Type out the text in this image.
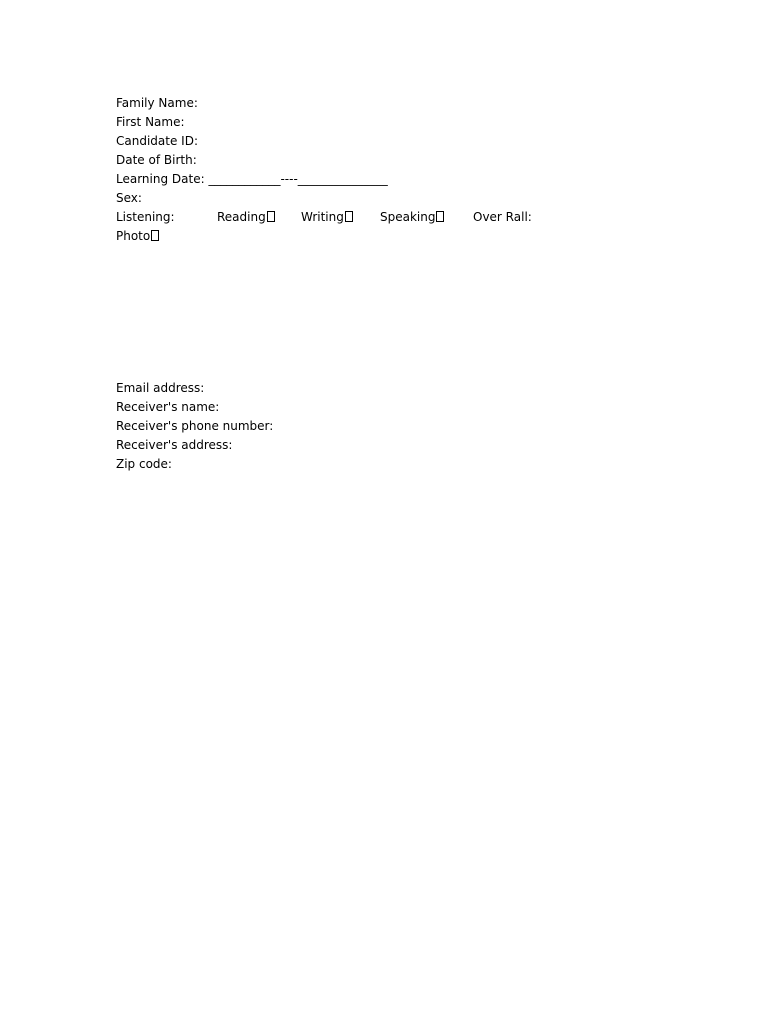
Family Name:
First Name:
Candidate ID:
Date of Birth:
Learning Date: ____________----_______________
Sex:
Listening:	Reading	Writing	Speaking	Over Rall:
Photo
Email address:
Receiver's name:
Receiver's phone number:
Receiver's address:
Zip code:
